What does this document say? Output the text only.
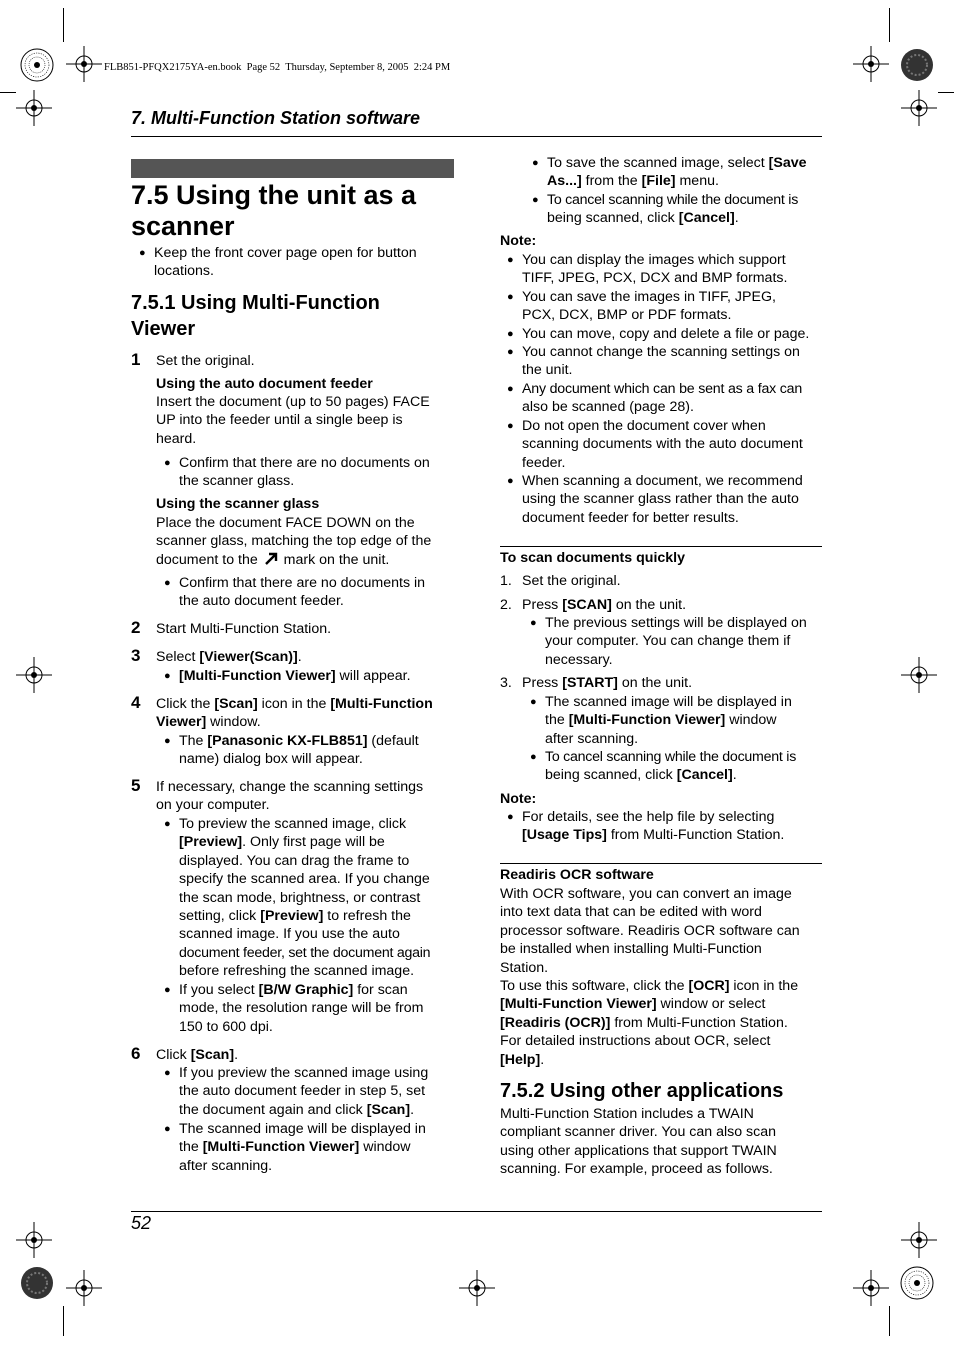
FLB851-PFQX2175YA-en.book  Page 52  Thursday, September 8, 2005  2:24 PM
7. Multi-Function Station software
7.5 Using the unit as a
scanner
● Keep the front cover page open for button
locations.
7.5.1 Using Multi-Function
Viewer
1 Set the original.
Using the auto document feeder
Insert the document (up to 50 pages) FACE
UP into the feeder until a single beep is
heard.
● Confirm that there are no documents on
the scanner glass.
Using the scanner glass
Place the document FACE DOWN on the
scanner glass, matching the top edge of the
document to the mark on the unit.
● Confirm that there are no documents in
the auto document feeder.
2 Start Multi-Function Station.
3 Select [Viewer(Scan)].
● [Multi-Function Viewer] will appear.
4 Click the [Scan] icon in the [Multi-Function
Viewer] window.
● The [Panasonic KX-FLB851] (default
name) dialog box will appear.
5 If necessary, change the scanning settings
on your computer.
● To preview the scanned image, click
[Preview]. Only first page will be
displayed. You can drag the frame to
specify the scanned area. If you change
the scan mode, brightness, or contrast
setting, click [Preview] to refresh the
scanned image. If you use the auto
document feeder, set the document again
before refreshing the scanned image.
● If you select [B/W Graphic] for scan
mode, the resolution range will be from
150 to 600 dpi.
6 Click [Scan].
● If you preview the scanned image using
the auto document feeder in step 5, set
the document again and click [Scan].
● The scanned image will be displayed in
the [Multi-Function Viewer] window
after scanning.
● To save the scanned image, select [Save
As...] from the [File] menu.
● To cancel scanning while the document is
being scanned, click [Cancel].
Note:
● You can display the images which support
TIFF, JPEG, PCX, DCX and BMP formats.
● You can save the images in TIFF, JPEG,
PCX, DCX, BMP or PDF formats.
● You can move, copy and delete a file or page.
● You cannot change the scanning settings on
the unit.
● Any document which can be sent as a fax can
also be scanned (page 28).
● Do not open the document cover when
scanning documents with the auto document
feeder.
● When scanning a document, we recommend
using the scanner glass rather than the auto
document feeder for better results.
To scan documents quickly
1. Set the original.
2. Press [SCAN] on the unit.
● The previous settings will be displayed on
your computer. You can change them if
necessary.
3. Press [START] on the unit.
● The scanned image will be displayed in
the [Multi-Function Viewer] window
after scanning.
● To cancel scanning while the document is
being scanned, click [Cancel].
Note:
● For details, see the help file by selecting
[Usage Tips] from Multi-Function Station.
Readiris OCR software
With OCR software, you can convert an image
into text data that can be edited with word
processor software. Readiris OCR software can
be installed when installing Multi-Function
Station.
To use this software, click the [OCR] icon in the
[Multi-Function Viewer] window or select
[Readiris (OCR)] from Multi-Function Station.
For detailed instructions about OCR, select
[Help].
7.5.2 Using other applications
Multi-Function Station includes a TWAIN
compliant scanner driver. You can also scan
using other applications that support TWAIN
scanning. For example, proceed as follows.
52
